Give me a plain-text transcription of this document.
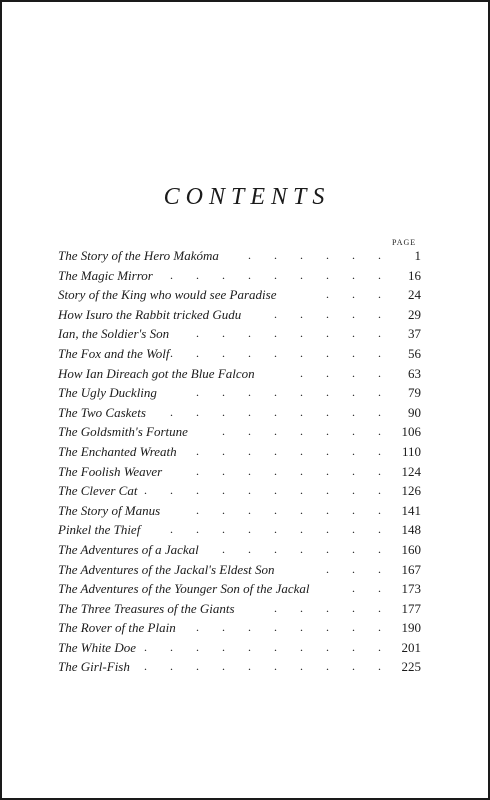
CONTENTS
PAGE
The Story of the Hero Makóma	. . . . . . 1
The Magic Mirror	. . . . . . . . . 16
Story of the King who would see Paradise	. . . 24
How Isuro the Rabbit tricked Gudu	. . . . . 29
Ian, the Soldier's Son	. . . . . . . . 37
The Fox and the Wolf . . . . . . . . . 56
How Ian Direach got the Blue Falcon	. . . . 63
The Ugly Duckling	. . . . . . . . 79
The Two Caskets	. . . . . . . . . 90
The Goldsmith's Fortune	. . . . . . . 106
The Enchanted Wreath	. . . . . . . . 110
The Foolish Weaver	. . . . . . . . 124
The Clever Cat . . . . . . . . . . 126
The Story of Manus	. . . . . . . . 141
Pinkel the Thief	. . . . . . . . . 148
The Adventures of a Jackal	. . . . . . . 160
The Adventures of the Jackal's Eldest Son	. . . 167
The Adventures of the Younger Son of the Jackal	. . 173
The Three Treasures of the Giants	. . . . . 177
The Rover of the Plain	. . . . . . . . 190
The White Doe . . . . . . . . . . 201
The Girl-Fish	. . . . . . . . . . 225
